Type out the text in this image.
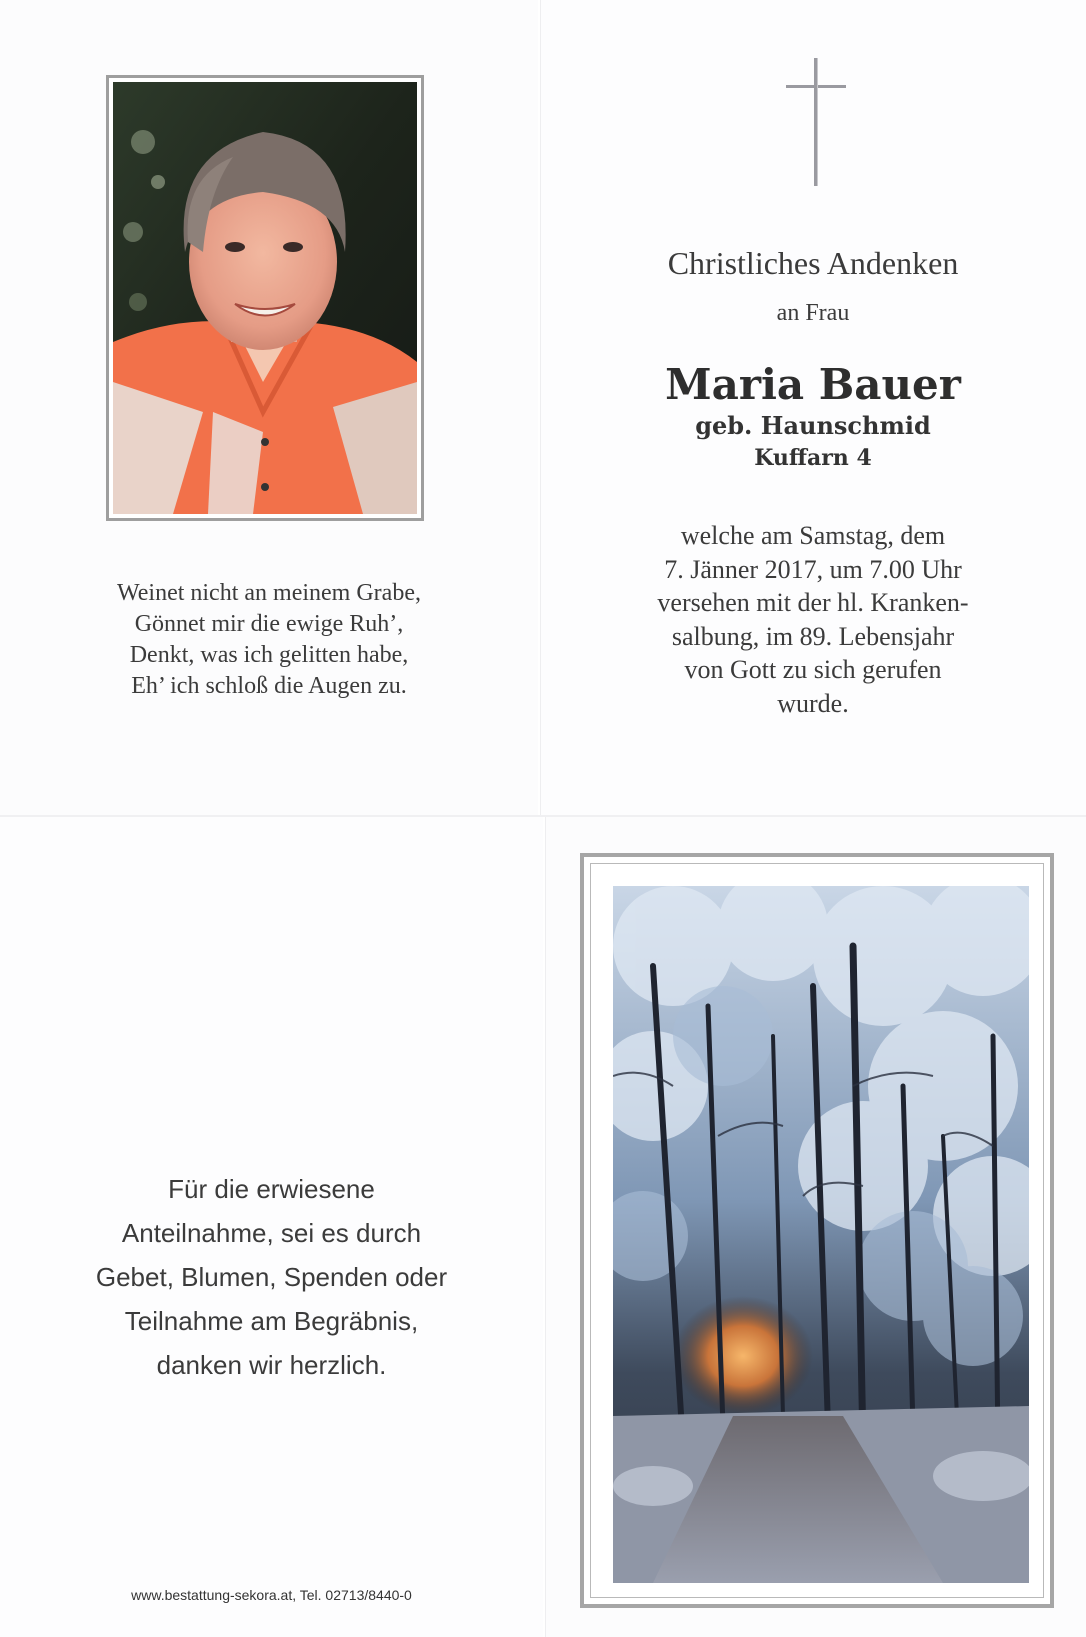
Weinet nicht an meinem Grabe,
Gönnet mir die ewige Ruh’,
Denkt, was ich gelitten habe,
Eh’ ich schloß die Augen zu.
Christliches Andenken
an Frau
Maria Bauer
geb. Haunschmid
Kuffarn 4
welche am Samstag, dem
7. Jänner 2017, um 7.00 Uhr
versehen mit der hl. Kranken-
salbung, im 89. Lebensjahr
von Gott zu sich gerufen
wurde.
Für die erwiesene
Anteilnahme, sei es durch
Gebet, Blumen, Spenden oder
Teilnahme am Begräbnis,
danken wir herzlich.
www.bestattung-sekora.at, Tel. 02713/8440-0
